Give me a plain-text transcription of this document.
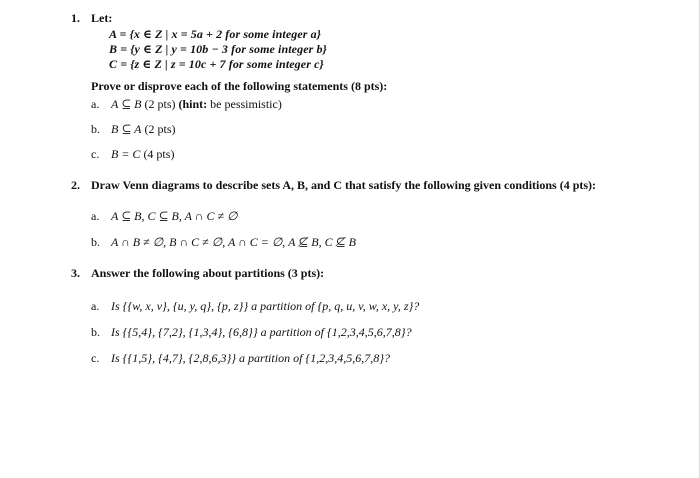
1. Let:
A = {x ∈ Z | x = 5a + 2 for some integer a}
B = {y ∈ Z | y = 10b − 3 for some integer b}
C = {z ∈ Z | z = 10c + 7 for some integer c}
Prove or disprove each of the following statements (8 pts):
a. A ⊆ B (2 pts) (hint: be pessimistic)
b. B ⊆ A (2 pts)
c. B = C (4 pts)
2. Draw Venn diagrams to describe sets A, B, and C that satisfy the following given conditions (4 pts):
a. A ⊆ B, C ⊆ B, A ∩ C ≠ ∅
b. A ∩ B ≠ ∅, B ∩ C ≠ ∅, A ∩ C = ∅, A ⊈ B, C ⊈ B
3. Answer the following about partitions (3 pts):
a. Is {{w, x, v}, {u, y, q}, {p, z}} a partition of {p, q, u, v, w, x, y, z}?
b. Is {{5,4}, {7,2}, {1,3,4}, {6,8}} a partition of {1,2,3,4,5,6,7,8}?
c. Is {{1,5}, {4,7}, {2,8,6,3}} a partition of {1,2,3,4,5,6,7,8}?
